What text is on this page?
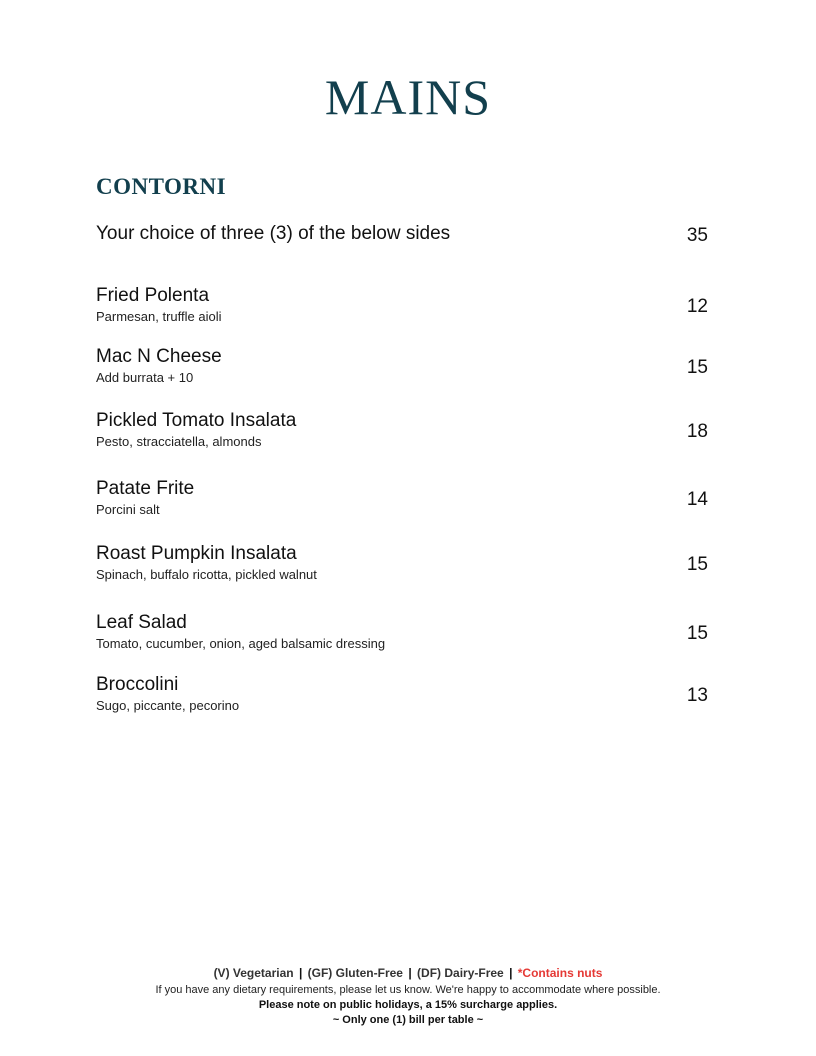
MAINS
CONTORNI
Your choice of three (3) of the below sides	35
Fried Polenta
Parmesan, truffle aioli	12
Mac N Cheese
Add burrata + 10	15
Pickled Tomato Insalata
Pesto, stracciatella, almonds	18
Patate Frite
Porcini salt	14
Roast Pumpkin Insalata
Spinach, buffalo ricotta, pickled walnut	15
Leaf Salad
Tomato, cucumber, onion, aged balsamic dressing	15
Broccolini
Sugo, piccante, pecorino	13
(V) Vegetarian | (GF) Gluten-Free | (DF) Dairy-Free | *Contains nuts
If you have any dietary requirements, please let us know. We're happy to accommodate where possible.
Please note on public holidays, a 15% surcharge applies.
~ Only one (1) bill per table ~
